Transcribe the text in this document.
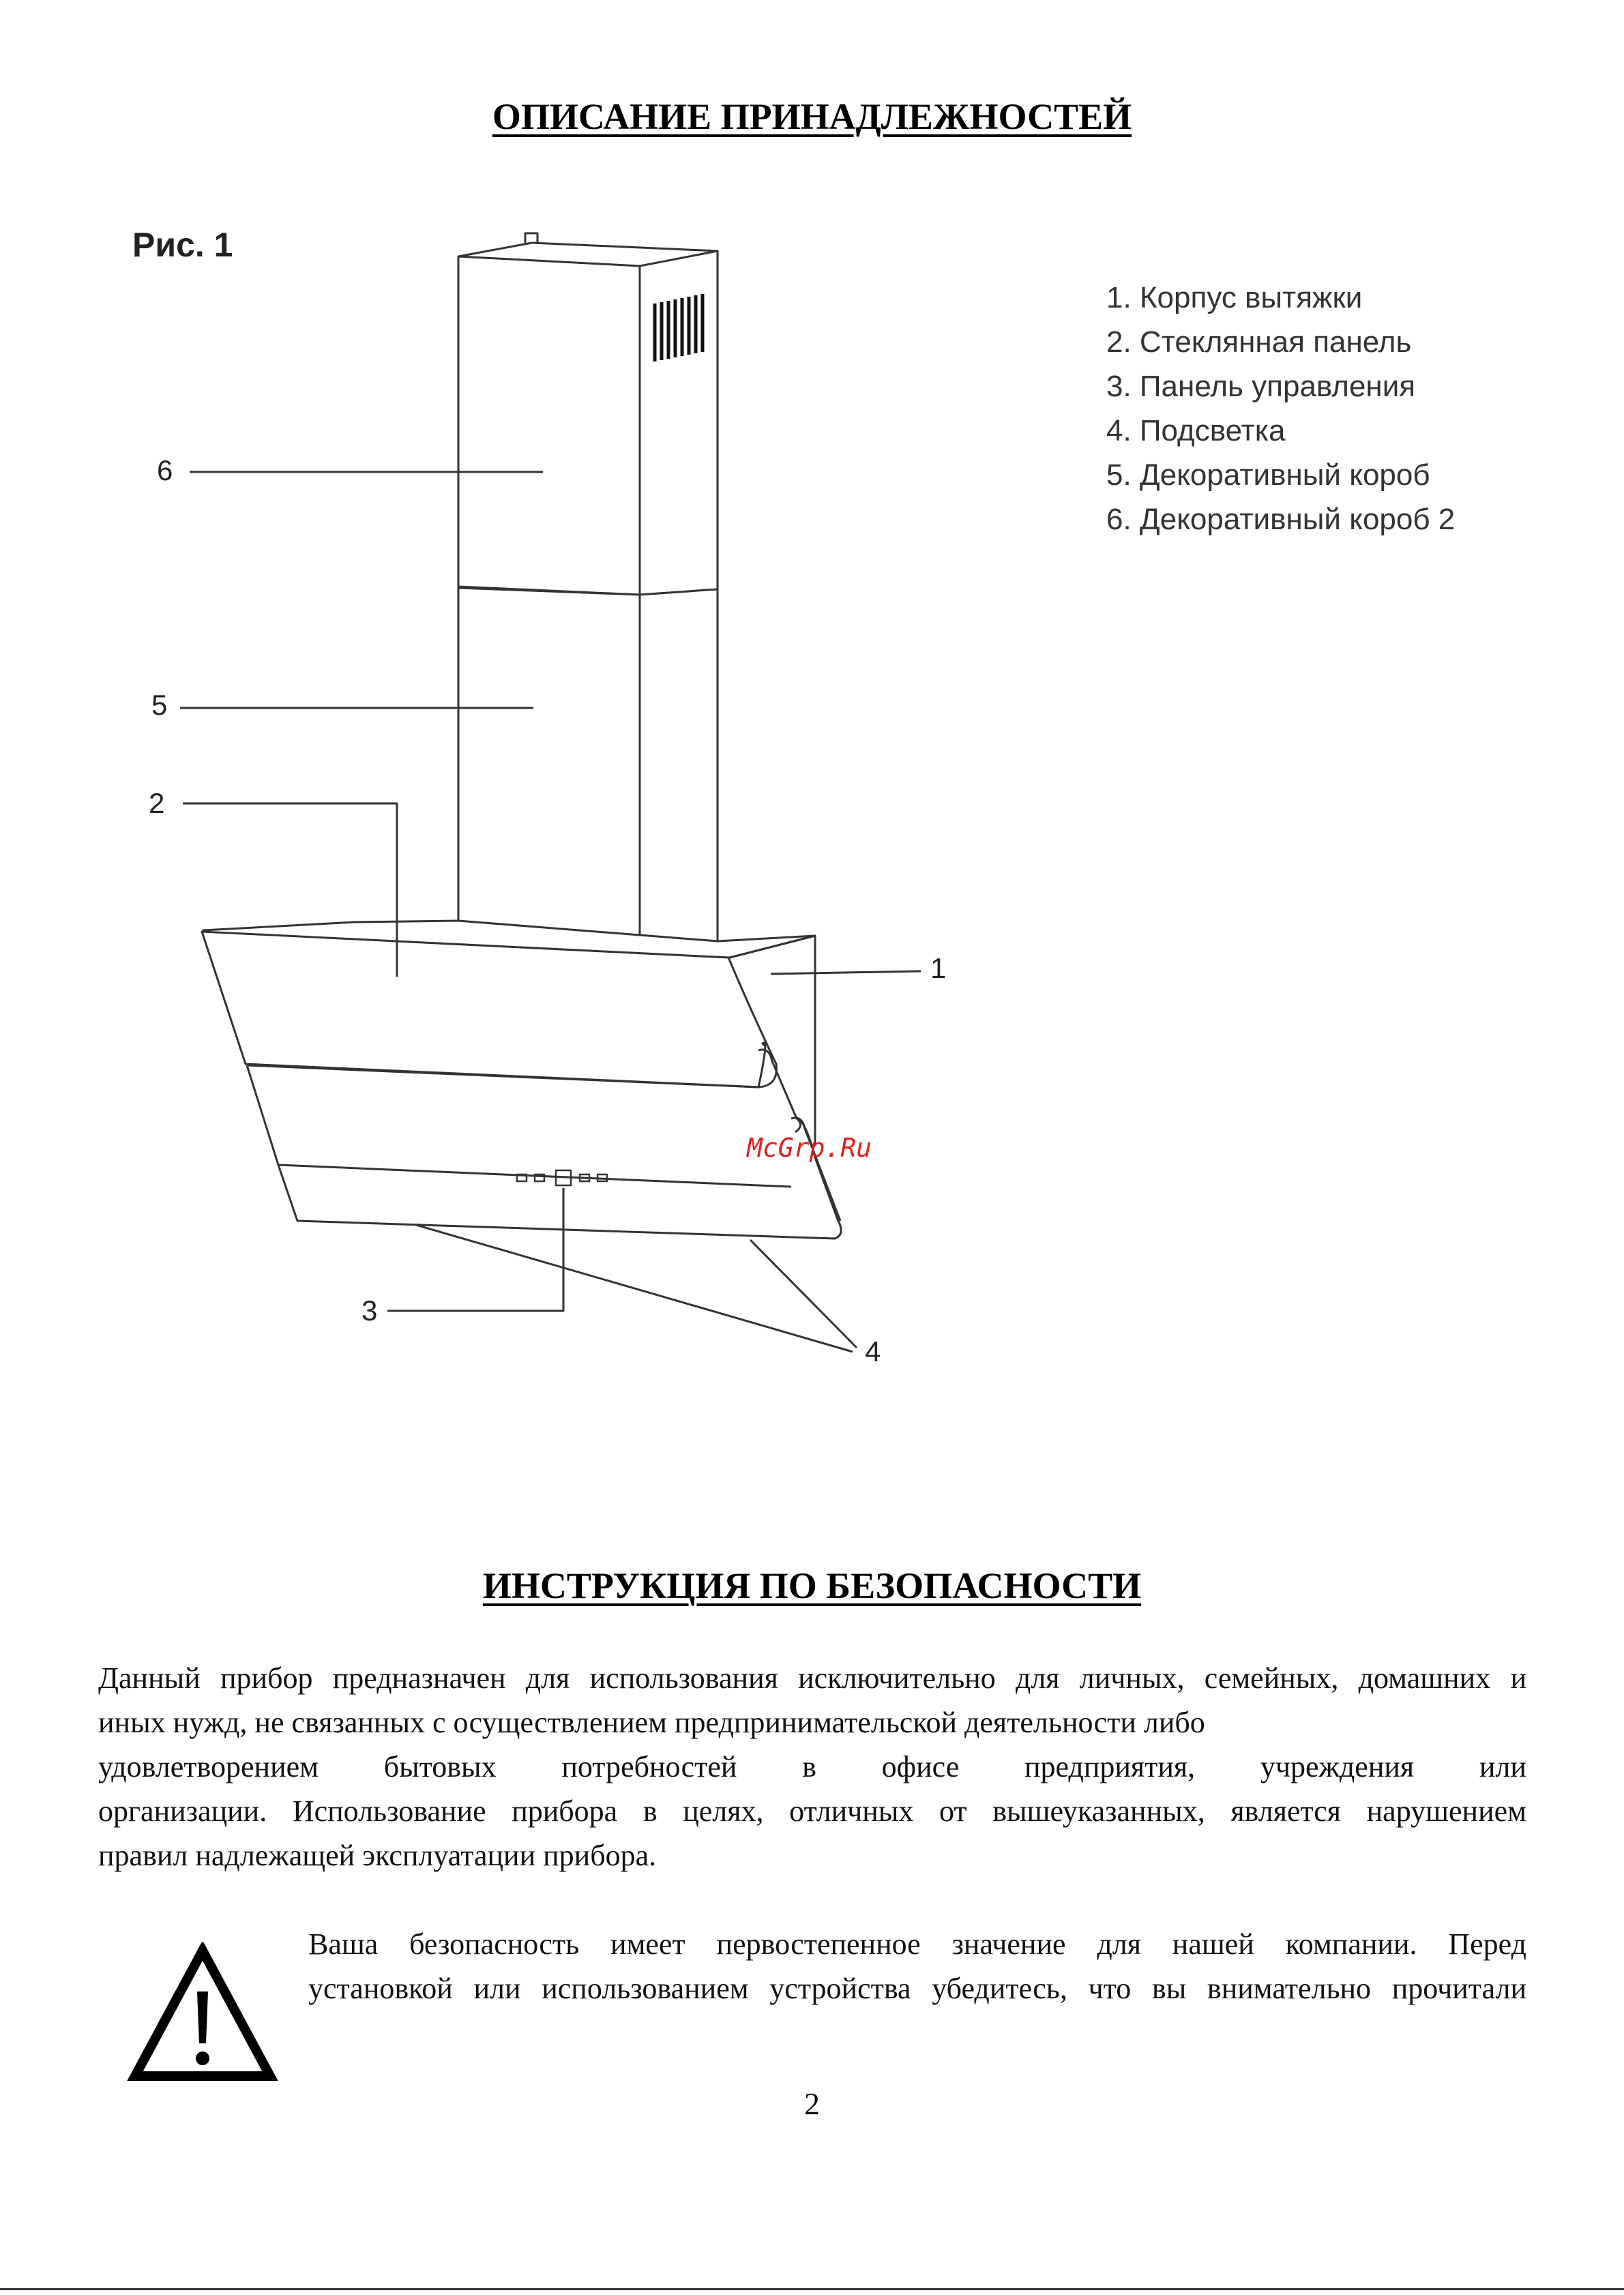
ОПИСАНИЕ ПРИНАДЛЕЖНОСТЕЙ
Рис. 1
6
5
2
1
3
4
McGrp.Ru
1. Корпус вытяжки
2. Стеклянная панель
3. Панель управления
4. Подсветка
5. Декоративный короб
6. Декоративный короб 2
ИНСТРУКЦИЯ ПО БЕЗОПАСНОСТИ
Данный прибор предназначен для использования исключительно для личных, семейных, домашних и
иных нужд, не связанных с осуществлением предпринимательской деятельности либо
удовлетворением бытовых потребностей в офисе предприятия, учреждения или
организации. Использование прибора в целях, отличных от вышеуказанных, является нарушением
правил надлежащей эксплуатации прибора.
Ваша безопасность имеет первостепенное значение для нашей компании. Перед
установкой или использованием устройства убедитесь, что вы внимательно прочитали
2
